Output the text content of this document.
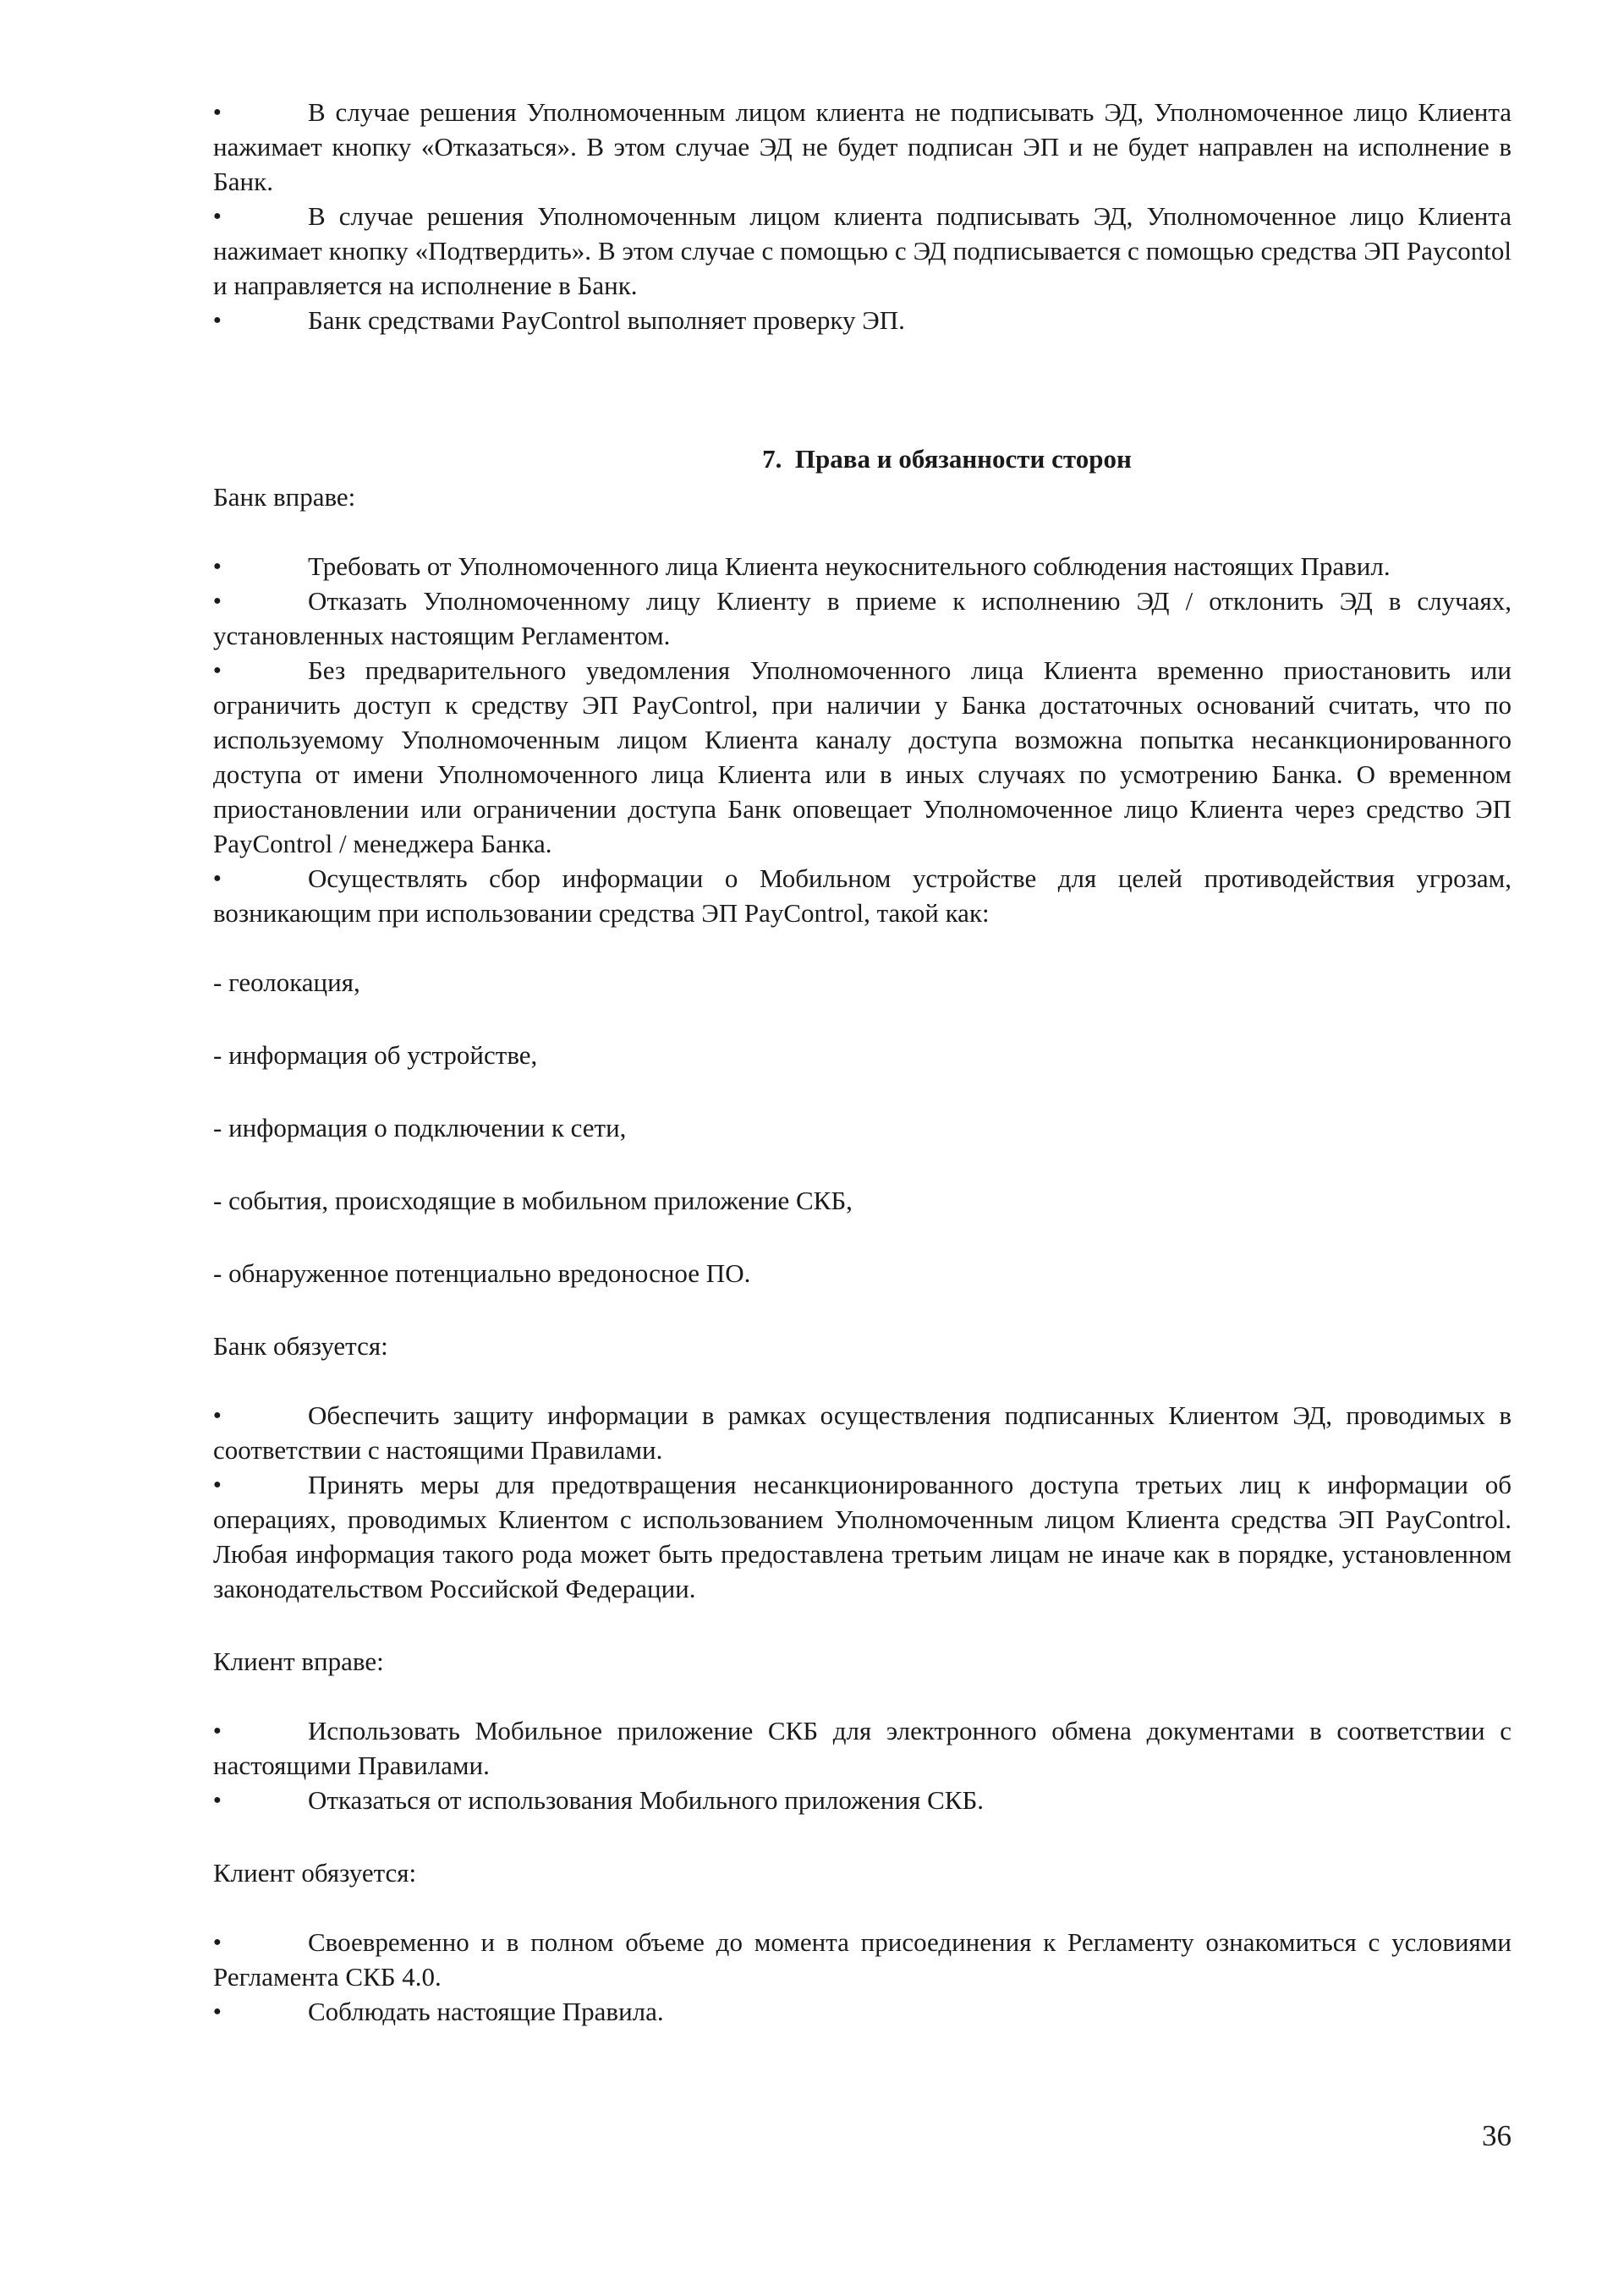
● В случае решения Уполномоченным лицом клиента не подписывать ЭД, Уполномоченное лицо Клиента нажимает кнопку «Отказаться». В этом случае ЭД не будет подписан ЭП и не будет направлен на исполнение в Банк.
● В случае решения Уполномоченным лицом клиента подписывать ЭД, Уполномоченное лицо Клиента нажимает кнопку «Подтвердить». В этом случае с помощью с ЭД подписывается с помощью средства ЭП Paycontol и направляется на исполнение в Банк.
● Банк средствами PayControl выполняет проверку ЭП.
7. Права и обязанности сторон

Банк вправе:

● Требовать от Уполномоченного лица Клиента неукоснительного соблюдения настоящих Правил.
● Отказать Уполномоченному лицу Клиенту в приеме к исполнению ЭД / отклонить ЭД в случаях, установленных настоящим Регламентом.
● Без предварительного уведомления Уполномоченного лица Клиента временно приостановить или ограничить доступ к средству ЭП PayControl, при наличии у Банка достаточных оснований считать, что по используемому Уполномоченным лицом Клиента каналу доступа возможна попытка несанкционированного доступа от имени Уполномоченного лица Клиента или в иных случаях по усмотрению Банка. О временном приостановлении или ограничении доступа Банк оповещает Уполномоченное лицо Клиента через средство ЭП PayControl / менеджера Банка.
● Осуществлять сбор информации о Мобильном устройстве для целей противодействия угрозам, возникающим при использовании средства ЭП PayControl, такой как:

- геолокация,

- информация об устройстве,

- информация о подключении к сети,

- события, происходящие в мобильном приложение СКБ,

- обнаруженное потенциально вредоносное ПО.

Банк обязуется:

● Обеспечить защиту информации в рамках осуществления подписанных Клиентом ЭД, проводимых в соответствии с настоящими Правилами.
● Принять меры для предотвращения несанкционированного доступа третьих лиц к информации об операциях, проводимых Клиентом с использованием Уполномоченным лицом Клиента средства ЭП PayControl. Любая информация такого рода может быть предоставлена третьим лицам не иначе как в порядке, установленном законодательством Российской Федерации.

Клиент вправе:

● Использовать Мобильное приложение СКБ для электронного обмена документами в соответствии с настоящими Правилами.
● Отказаться от использования Мобильного приложения СКБ.

Клиент обязуется:

● Своевременно и в полном объеме до момента присоединения к Регламенту ознакомиться с условиями Регламента СКБ 4.0.
● Соблюдать настоящие Правила.
36
